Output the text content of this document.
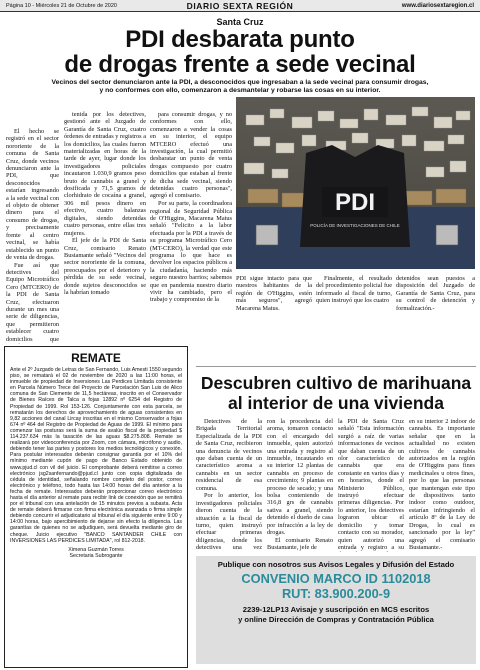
Página 10 - Miércoles 21 de Octubre de 2020	DIARIO SEXTA REGIÓN	www.diariosextaregion.cl
Santa Cruz
PDI desbarata punto
de drogas frente a sede vecinal
Vecinos del sector denunciaron ante la PDI, a desconocidos que ingresaban a la sede vecinal para consumir drogas,
y no conformes con ello, comenzaron a desmantelar y robarse las cosas en su interior.

El hecho se registró en el sector nororiente de la comuna de Santa Cruz, donde vecinos denunciaron ante la PDI, que desconocidos estarían ingresando a la sede vecinal con el objeto de obtener dinero para el consumo de drogas, y precisamente frente al centro vecinal, se había establecido un punto de venta de drogas.

Fue así que detectives del Equipo Microtráfico Cero (MTCERO) de la PDI de Santa Cruz, efectuaron durante un mes una serie de diligencias, que permitieron establecer cuatro domicilios que

tenida por los detectives, gestionó ante el Juzgado de Garantía de Santa Cruz, cuatro órdenes de entradas y registros a los domicilios, las cuales fueron materializadas en horas de la tarde de ayer, lugar donde los investigadores policiales incautaron 1.030,9 gramos peso bruto de cannabis a granel y dosificada y 71,5 gramos de clorhidrato de cocaína a granel, 306 mil pesos dinero en efectivo, cuatro balanzas digitales, siendo detenidas cuatro personas, entre ellas tres mujeres.

El jefe de la PDI de Santa Cruz, comisario Renato Bustamante señaló "Vecinos del sector nororiente de la comuna, preocupados por el deterioro y pérdida de su sede vecinal, donde sujetos desconocidos se la habrían tomado

para consumir drogas, y no conformes con ello, comenzaron a vender la cosas en su interior, el equipo MTCERO efectuó una investigación, la cual permitió desbaratar un punto de venta drogas compuesto por cuatro domicilios que estaban al frente de dicha sede vecinal, siendo detenidas cuatro personas", agregó el comisario.

Por su parte, la coordinadora regional de Seguridad Pública de O'Higgins, Macarena Matus señaló "Felicito a la labor efectuada por la PDI a través de su programa Microtráfico Cero (MT-CERO), la verdad que este programa lo que hace es devolver los espacios públicos a la ciudadanía, haciendo más seguro nuestro barrios; sabemos que en pandemia nuestro diario vivir ha cambiado, pero el trabajo y compromiso de la

PDI sigue intacto para que nuestros habitantes de la región de O'Higgins, estén más seguros", agregó Macarena Matus.

PDI
POLICÍA DE INVESTIGACIONES DE CHILE

Finalmente, el resultado del procedimiento policial fue informado al fiscal de turno, quien instruyó que los cuatro

detenidos sean puestos a disposición del Juzgado de Garantía de Santa Cruz, para su control de detención y formalización.-

REMATE
Ante el 2º Juzgado de Letras de San Fernando, Luis Amesti 1550 segundo piso, se rematará el 02 de noviembre de 2020 a las 11:00 horas, el inmueble de propiedad de Inversiones Las Perdices Limitada consistente en Parcela Número Trece del Proyecto de Parcelación San Luis de Alico comuna de San Clemente de 11,5 hectáreas, inscrito en el Conservador de Bienes Raíces de Talca a fojas 12892 nº 6254 del Registro de Propiedad de 1999. Rol 153-126. Conjuntamente con esta parcela, se rematarán los derechos de aprovechamiento de aguas consistentes en 9,82 acciones del canal Lircay inscritas en el mismo Conservador a fojas 674 nº 464 del Registro de Propiedad de Aguas de 1999. El mínimo para comenzar las posturas será la suma de avalúo fiscal de la propiedad $ 114.237.634 más la tasación de las aguas $8.275.808. Remate se realizará por videoconferencia por Zoom, con cámara, micrófono y audio, debiendo tener las partes y postores los medios tecnológicos y conexión. Para postular interesados deberán consignar garantía por el 10% del mínimo mediante cupón de pago de Banco Estado obtenido de www.pjud.cl con vil del juicio. El comprobante deberá remitirse a correo electrónico jsg2sanfernando@pjud.cl junto con copia digitalizada de cédula de identidad, señalando nombre completo del postor, correo electrónico y teléfono, todo hasta las 14:00 horas del día anterior a la fecha de remate. Interesados deberán proporcionar correo electrónico hasta el día anterior al remate para recibir link de conexión que se remitirá por el tribunal con una antelación de 15 minutos previos a subasta. Acta de remate deberá firmarse con firma electrónica avanzada o firma simple debiendo concurrir el adjudicatario al tribunal el día siguiente entre 9:00 y 14:00 horas, bajo apercibimiento de dejarse sin efecto la diligencia. Las garantías de quienes no se adjudiquen, será devuelta mediante giro de cheque. Juicio ejecutivo "BANCO SANTANDER CHILE con INVERSIONES LAS PERDICES LIMITADA", rol 812-2018.
Ximena Guzmán Torres
Secretaria Subrogante
Descubren cultivo de marihuana
al interior de una vivienda

Detectives de la Brigada Territorial Especializada de la PDI de Santa Cruz, recibieron una denuncia de vecinos que daban cuenta de un característico aroma a cannabis en un sector residencial de esa comuna.

Por lo anterior, los investigadores policiales dieron cuenta de la situación a la fiscal de turno, quien instruyó efectuar primeras diligencias, donde los detectives una vez

ron la procedencia del aroma, tomaron contacto con el encargado del inmueble, quien autorizó una entrada y registro al inmueble, incautando en su interior 12 plantas de cannabis en proceso de crecimiento; 9 plantas en proceso de secado; y una bolsa conteniendo de 316,8 grs de cannabis sativa a granel, siendo detenido el dueño de casa por infracción a la ley de drogas.

El comisario Renato Bustamante, jefe de

la PDI de Santa Cruz señaló "Esta información surgió a raíz de varias informaciones de vecinos que daban cuenta de un olor característico de cannabis que era constante en varios días y en horarios, donde el Ministerio Público, instruyó efectuar primeras diligencias. Por lo anterior, los detectives lograron ubicar el domicilio y tomar contacto con su morador, quien autorizó una entrada y registro a su

en su interior 2 indoor de cannabis. Es importante señalar que en la actualidad no existen cultivos de cannabis autorizados en la región de O'Higgins para fines medicinales u otros fines, por lo que las personas que mantengan este tipo de dispositivos tanto indoor como outdoor, estarían infringiendo el artículo 8º de la Ley de Drogas, lo cual es sancionado por la ley" agregó el comisario Bustamante.-

Publique con nosotros sus Avisos Legales y Difusión del Estado
CONVENIO MARCO ID 1102018
RUT: 83.900.200-9
2239-12LP13 Avisaje y suscripción en MCS escritos
y online Dirección de Compras y Contratación Pública
